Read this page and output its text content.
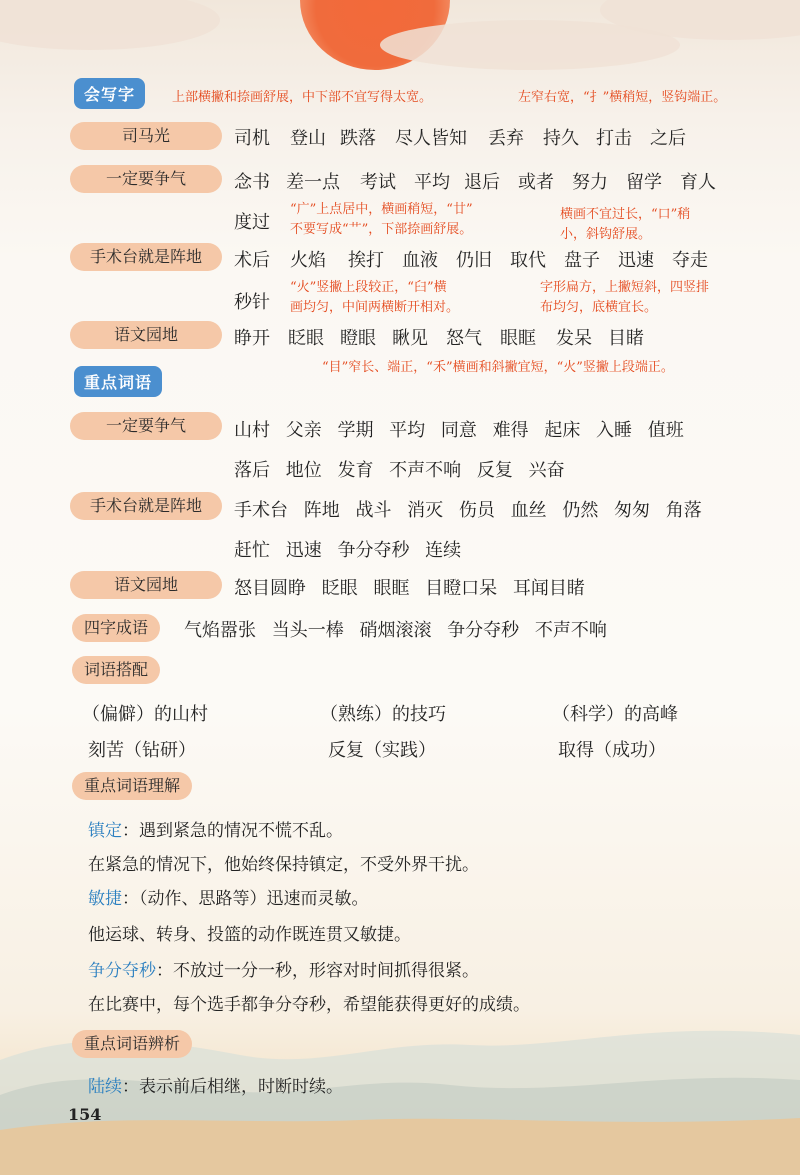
会写字	上部横撇和捺画舒展，中下部不宜写得太宽。	左窄右宽，“扌”横稍短，竖钩端正。
司马光	司机 登山 跌落 尽人皆知 丢弃 持久 打击 之后
一定要争气	念书 差一点 考试 平均 退后 或者 努力 留学 育人
度过
“广”上点居中，横画稍短，“廿”
不要写成“艹”，下部捺画舒展。
横画不宜过长，“口”稍
小，斜钩舒展。
手术台就是阵地	术后 火焰 挨打 血液 仍旧 取代 盘子 迅速 夺走
秒针
“火”竖撇上段较正，“臼”横
画均匀，中间两横断开相对。
字形扁方，上撇短斜，四竖排
布均匀，底横宜长。
语文园地	睁开 眨眼 瞪眼 瞅见 怒气 眼眶 发呆 目睹
“目”窄长、端正，“禾”横画和斜撇宜短，“火”竖撇上段端正。
重点词语
一定要争气	山村 父亲 学期 平均 同意 难得 起床 入睡 值班
落后 地位 发育 不声不响 反复 兴奋
手术台就是阵地	手术台 阵地 战斗 消灭 伤员 血丝 仍然 匆匆 角落
赶忙 迅速 争分夺秒 连续
语文园地	怒目圆睁 眨眼 眼眶 目瞪口呆 耳闻目睹
四字成语	气焰嚣张 当头一棒 硝烟滚滚 争分夺秒 不声不响
词语搭配
（偏僻）的山村	（熟练）的技巧	（科学）的高峰
刻苦（钻研）	反复（实践）	取得（成功）
重点词语理解
镇定：遇到紧急的情况不慌不乱。
在紧急的情况下，他始终保持镇定，不受外界干扰。
敏捷：（动作、思路等）迅速而灵敏。
他运球、转身、投篮的动作既连贯又敏捷。
争分夺秒：不放过一分一秒，形容对时间抓得很紧。
在比赛中，每个选手都争分夺秒，希望能获得更好的成绩。
重点词语辨析
陆续：表示前后相继，时断时续。
154
